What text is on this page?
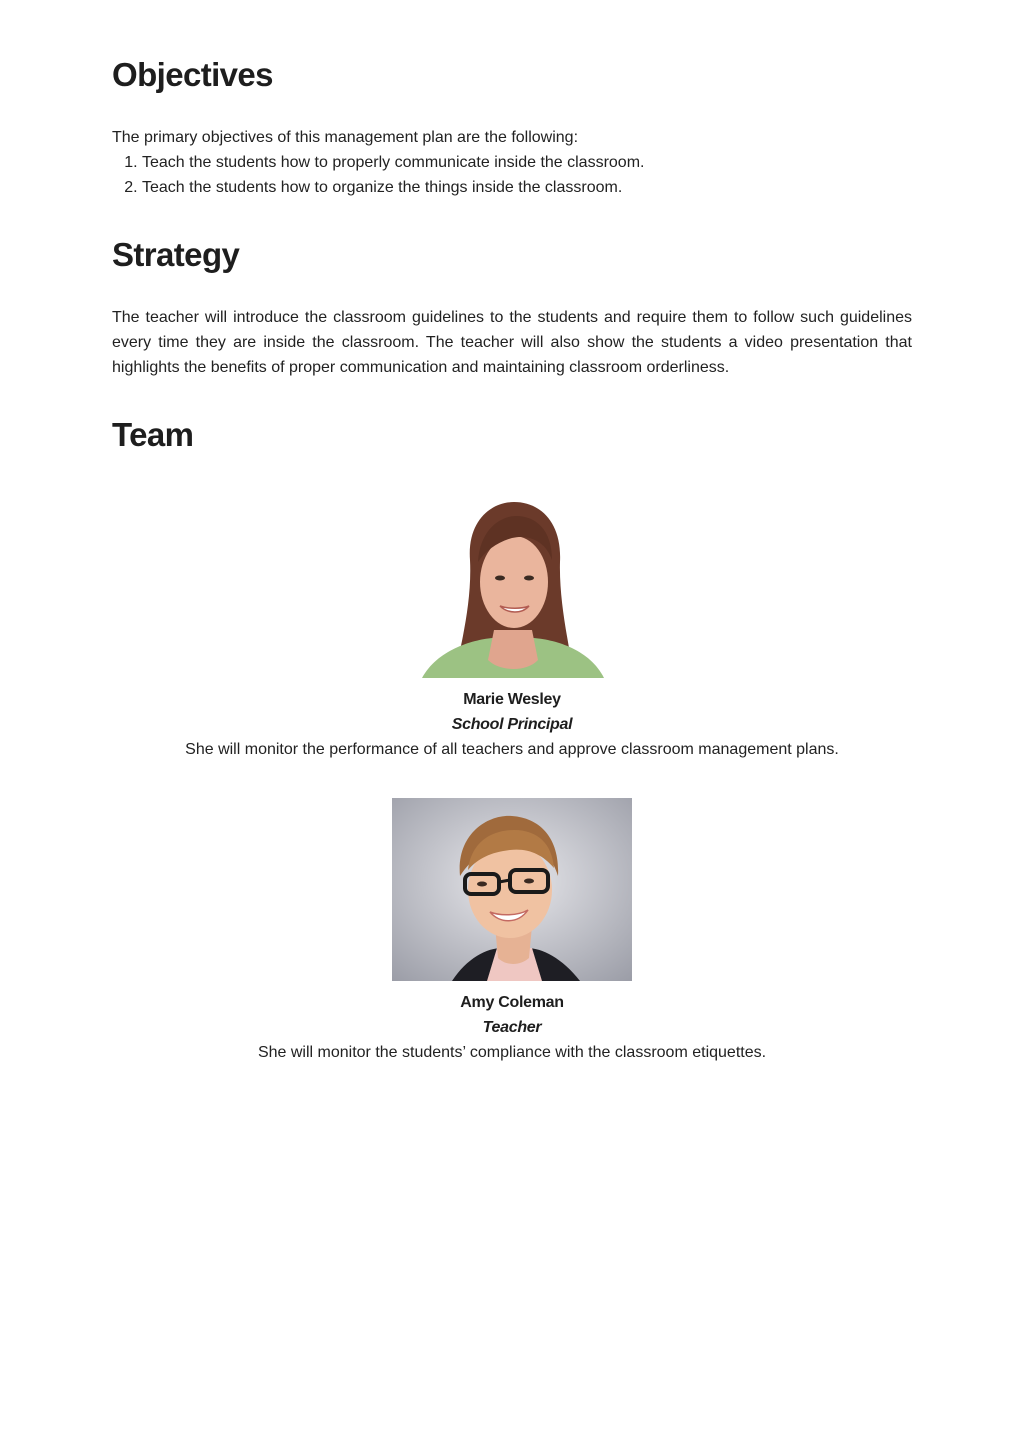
Objectives

The primary objectives of this management plan are the following:

1. Teach the students how to properly communicate inside the classroom.
2. Teach the students how to organize the things inside the classroom.
Strategy

The teacher will introduce the classroom guidelines to the students and require them to follow such guidelines every time they are inside the classroom. The teacher will also show the students a video presentation that highlights the benefits of proper communication and maintaining classroom orderliness.

Team
Marie Wesley
School Principal
She will monitor the performance of all teachers and approve classroom management plans.
Amy Coleman
Teacher
She will monitor the students’ compliance with the classroom etiquettes.
